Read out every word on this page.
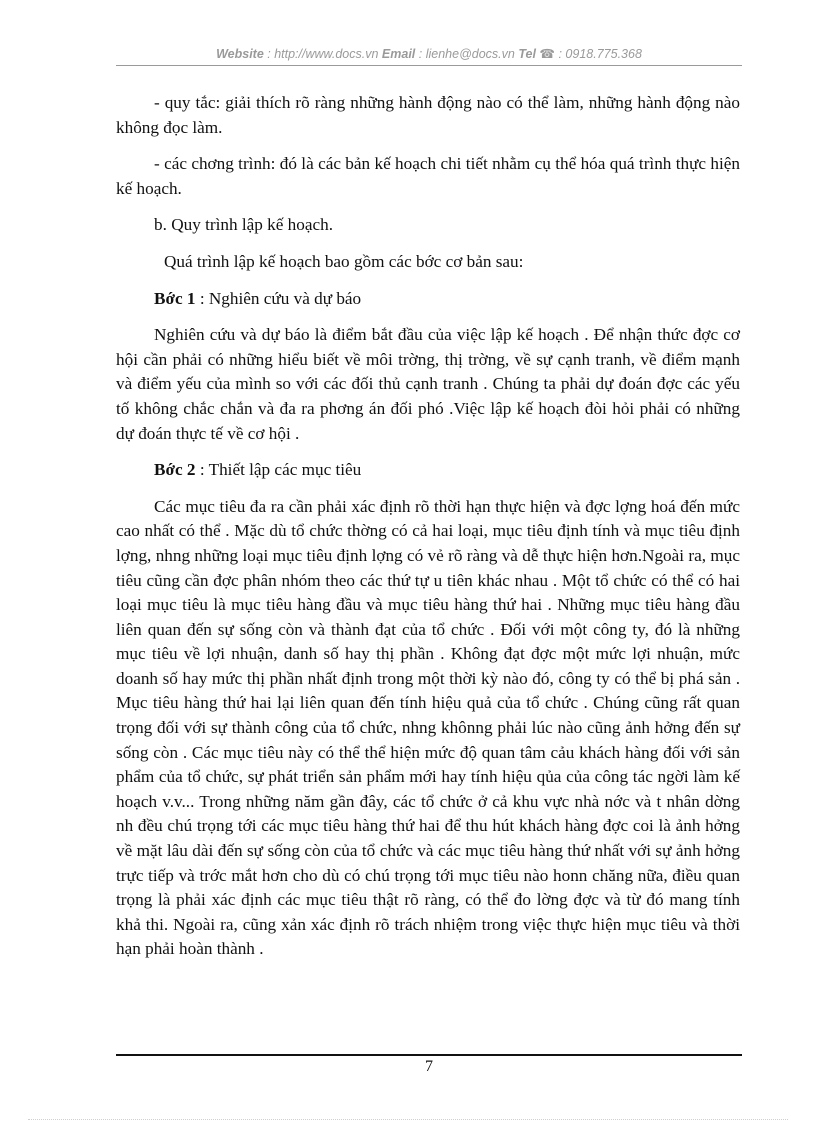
Website : http://www.docs.vn Email : lienhe@docs.vn Tel ☎ : 0918.775.368

- quy tắc: giải thích rõ ràng những hành động nào có thể làm, những hành động nào không đọc làm.

- các chơng trình: đó là các bản kế hoạch chi tiết nhằm cụ thể hóa quá trình thực hiện kế hoạch.

b. Quy trình lập kế hoạch.

Quá trình lập kế hoạch bao gồm các bớc cơ bản sau:

Bớc 1 : Nghiên cứu và dự báo

Nghiên cứu và dự báo là điểm bắt đầu của việc lập kế hoạch . Để nhận thức đợc cơ hội cần phải có những hiểu biết về môi trờng, thị trờng, về sự cạnh tranh, về điểm mạnh và điểm yếu của mình so với các đối thủ cạnh tranh . Chúng ta phải dự đoán đợc các yếu tố không chắc chắn và đa ra phơng án đối phó .Việc lập kế hoạch đòi hỏi phải có những dự đoán thực tế về cơ hội .

Bớc 2 : Thiết lập các mục tiêu

Các mục tiêu đa ra cần phải xác định rõ thời hạn thực hiện và đợc lợng hoá đến mức cao nhất có thể . Mặc dù tổ chức thờng có cả hai loại, mục tiêu định tính và mục tiêu định lợng, nhng những loại mục tiêu định lợng có vẻ rõ ràng và dễ thực hiện hơn.Ngoài ra, mục tiêu cũng cần đợc phân nhóm theo các thứ tự u tiên khác nhau . Một tổ chức có thể có hai loại mục tiêu là mục tiêu hàng đầu và mục tiêu hàng thứ hai . Những mục tiêu hàng đầu liên quan đến sự sống còn và thành đạt của tổ chức . Đối với một công ty, đó là những mục tiêu về lợi nhuận, danh số hay thị phần . Không đạt đợc một mức lợi nhuận, mức doanh số hay mức thị phần nhất định trong một thời kỳ nào đó, công ty có thể bị phá sản . Mục tiêu hàng thứ hai lại liên quan đến tính hiệu quả của tổ chức . Chúng cũng rất quan trọng đối với sự thành công của tổ chức, nhng khônng phải lúc nào cũng ảnh hởng đến sự sống còn . Các mục tiêu này có thể thể hiện mức độ quan tâm cảu khách hàng đối với sản phẩm của tổ chức, sự phát triển sản phẩm mới hay tính hiệu qủa của công tác ngời làm kế hoạch v.v... Trong những năm gần đây, các tổ chức ở cả khu vực nhà nớc và t nhân dờng nh đều chú trọng tới các mục tiêu hàng thứ hai để thu hút khách hàng đợc coi là ảnh hởng về mặt lâu dài đến sự sống còn của tổ chức và các mục tiêu hàng thứ nhất với sự ảnh hởng trực tiếp và trớc mắt hơn cho dù có chú trọng tới mục tiêu nào honn chăng nữa, điều quan trọng là phải xác định các mục tiêu thật rõ ràng, có thể đo lờng đợc và từ đó mang tính khả thi. Ngoài ra, cũng xản xác định rõ trách nhiệm trong việc thực hiện mục tiêu và thời hạn phải hoàn thành .

7
